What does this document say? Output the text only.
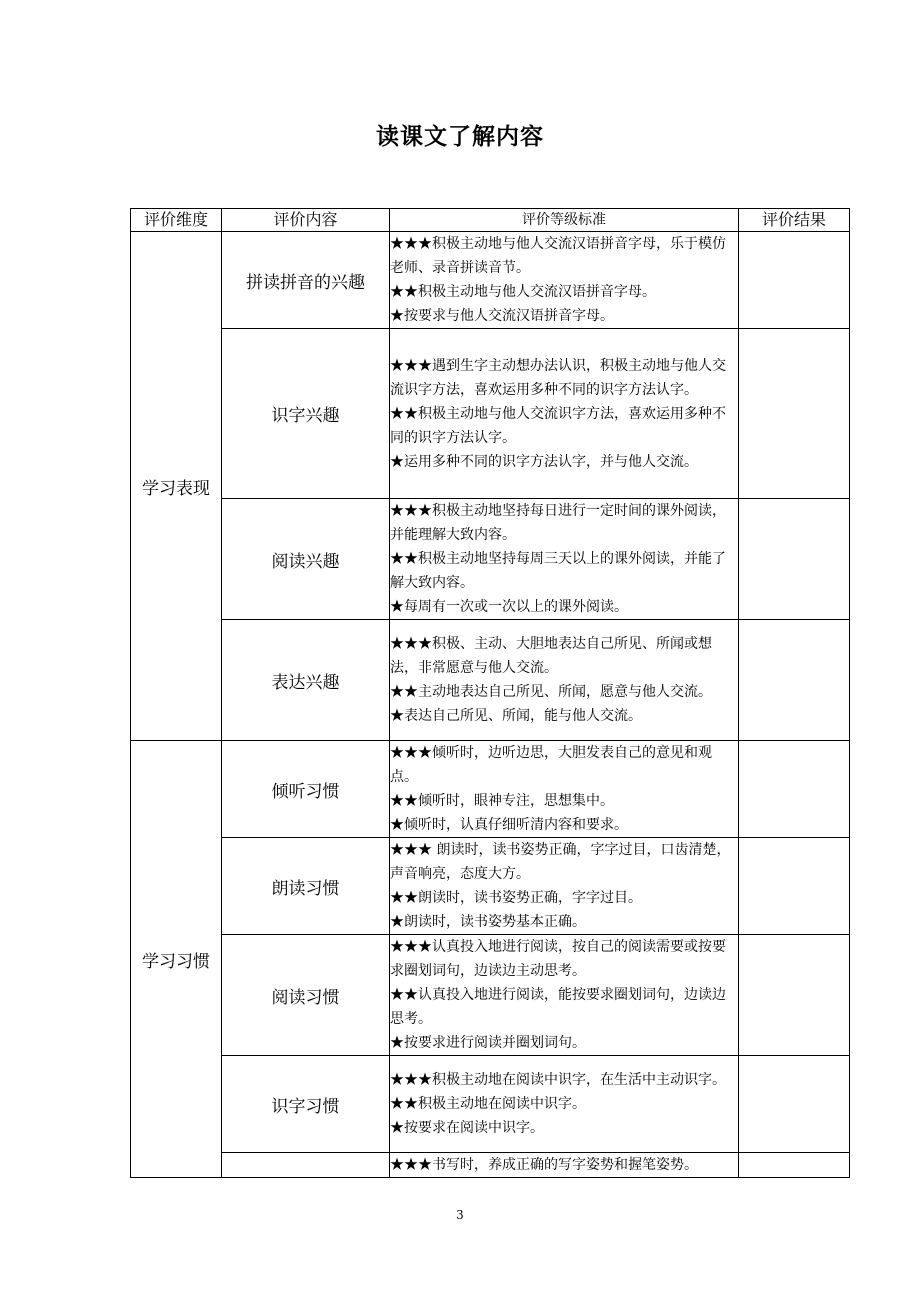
读课文了解内容
评价维度	评价内容	评价等级标准	评价结果
学习表现	拼读拼音的兴趣	★★★积极主动地与他人交流汉语拼音字母，乐于模仿老师、录音拼读音节。

★★积极主动地与他人交流汉语拼音字母。

★按要求与他人交流汉语拼音字母。	

	识字兴趣	★★★遇到生字主动想办法认识，积极主动地与他人交流识字方法，喜欢运用多种不同的识字方法认字。

★★积极主动地与他人交流识字方法，喜欢运用多种不同的识字方法认字。

★运用多种不同的识字方法认字，并与他人交流。	

	阅读兴趣	★★★积极主动地坚持每日进行一定时间的课外阅读，并能理解大致内容。

★★积极主动地坚持每周三天以上的课外阅读，并能了解大致内容。

★每周有一次或一次以上的课外阅读。	

	表达兴趣	★★★积极、主动、大胆地表达自己所见、所闻或想法，非常愿意与他人交流。

★★主动地表达自己所见、所闻，愿意与他人交流。

★表达自己所见、所闻，能与他人交流。	

学习习惯	倾听习惯	★★★倾听时，边听边思，大胆发表自己的意见和观点。

★★倾听时，眼神专注，思想集中。

★倾听时，认真仔细听清内容和要求。	

	朗读习惯	★★★ 朗读时，读书姿势正确，字字过目，口齿清楚，声音响亮，态度大方。

★★朗读时，读书姿势正确，字字过目。

★朗读时，读书姿势基本正确。	

	阅读习惯	★★★认真投入地进行阅读，按自己的阅读需要或按要求圈划词句，边读边主动思考。

★★认真投入地进行阅读，能按要求圈划词句，边读边思考。

★按要求进行阅读并圈划词句。	

	识字习惯	★★★积极主动地在阅读中识字，在生活中主动识字。

★★积极主动地在阅读中识字。

★按要求在阅读中识字。	

		★★★书写时，养成正确的写字姿势和握笔姿势。	

3
